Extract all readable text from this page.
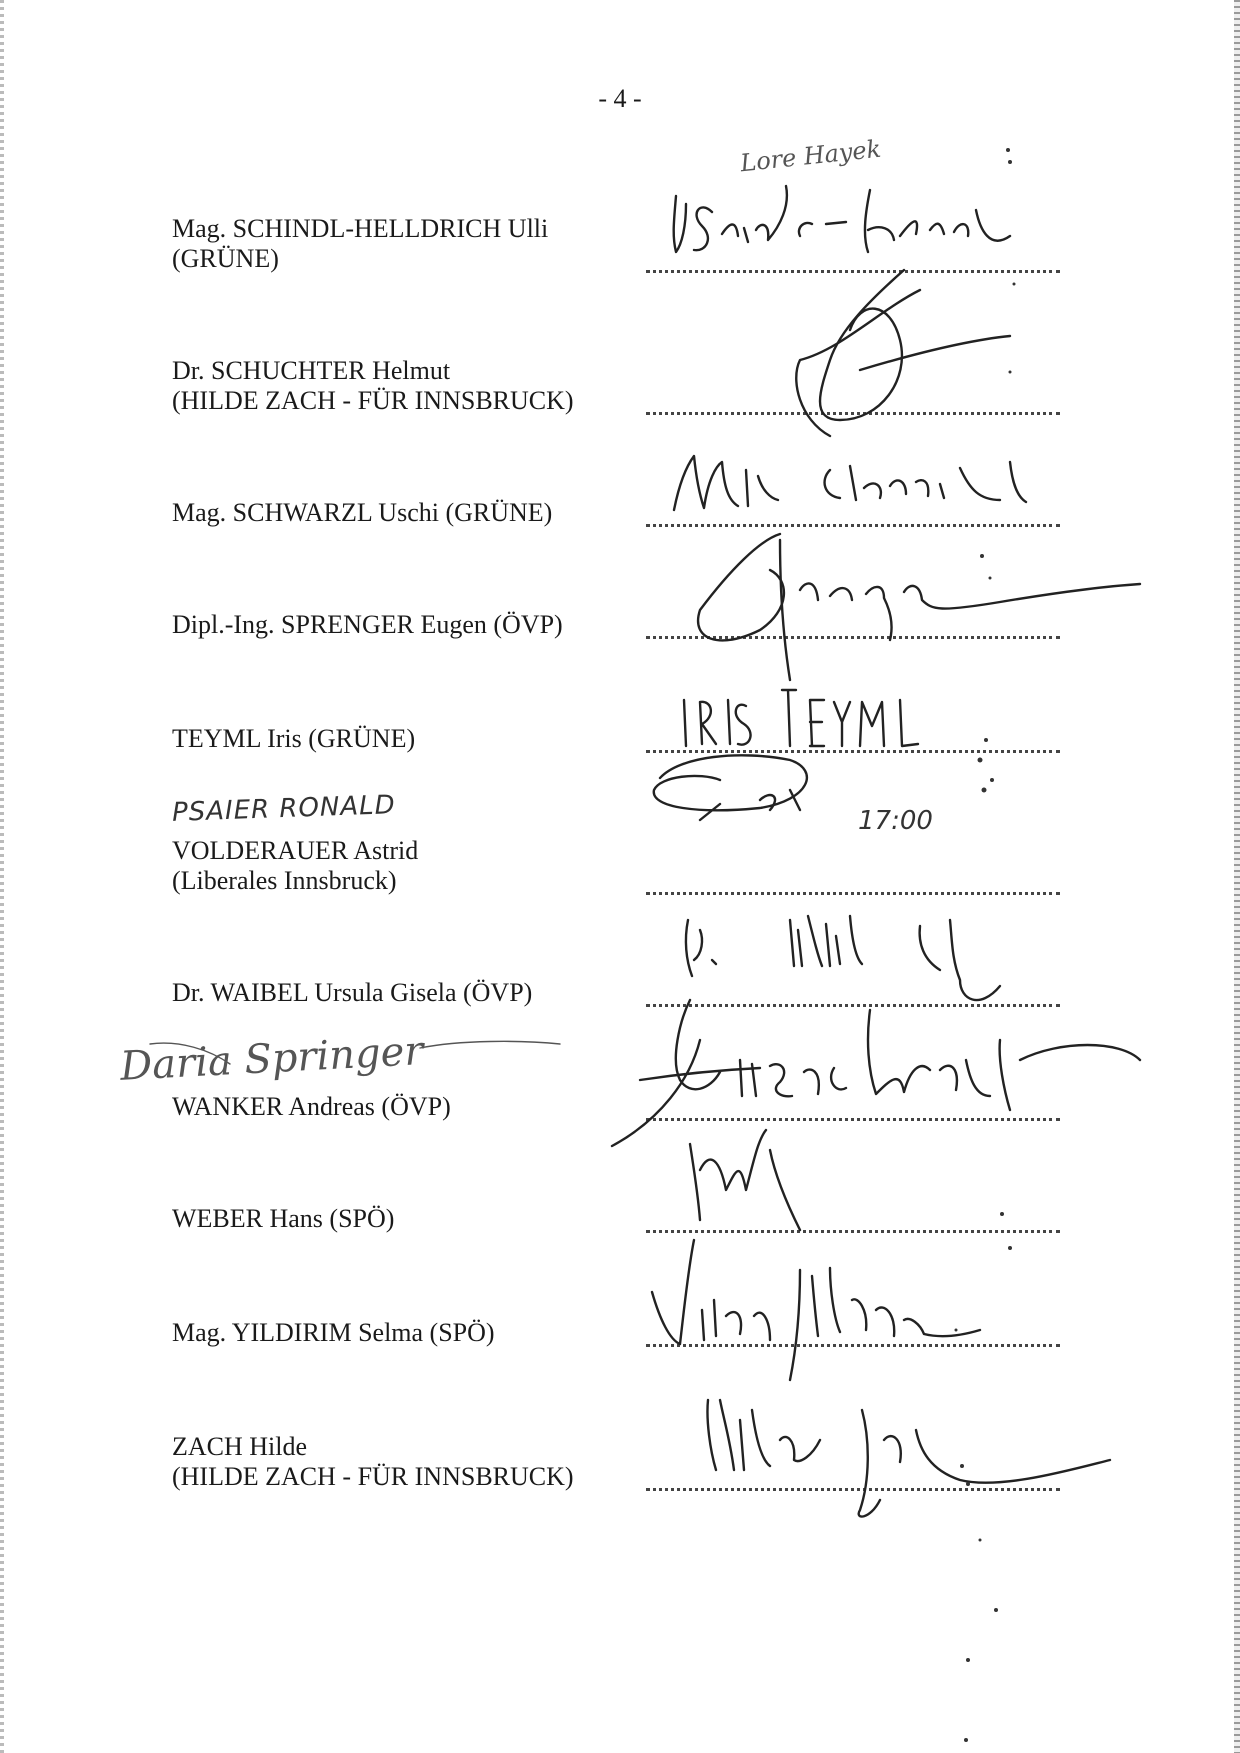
- 4 -
Lore Hayek
Mag. SCHINDL-HELLDRICH Ulli
(GRÜNE)
Dr. SCHUCHTER Helmut
(HILDE ZACH - FÜR INNSBRUCK)
Mag. SCHWARZL Uschi (GRÜNE)
Dipl.-Ing. SPRENGER Eugen (ÖVP)
TEYML Iris (GRÜNE)
PSAIER RONALD
VOLDERAUER Astrid
(Liberales Innsbruck)
17:00
Dr. WAIBEL Ursula Gisela (ÖVP)
Daria Springer
WANKER Andreas (ÖVP)
WEBER Hans (SPÖ)
Mag. YILDIRIM Selma (SPÖ)
ZACH Hilde
(HILDE ZACH - FÜR INNSBRUCK)
